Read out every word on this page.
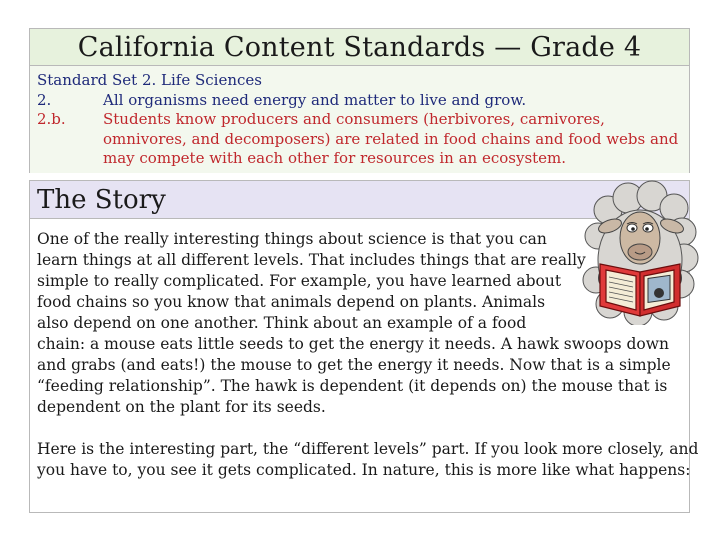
California Content Standards — Grade 4
Standard Set 2. Life Sciences
2.	All organisms need energy and matter to live and grow.
2.b.	Students know producers and consumers (herbivores, carnivores, omnivores, and decomposers) are related in food chains and food webs and may compete with each other for resources in an ecosystem.
The Story

One of the really interesting things about science is that you can
learn things at all different levels. That includes things that are really
simple to really complicated. For example, you have learned about
food chains so you know that animals depend on plants. Animals
also depend on one another. Think about an example of a food
chain: a mouse eats little seeds to get the energy it needs. A hawk swoops down
and grabs (and eats!) the mouse to get the energy it needs. Now that is a simple
“feeding relationship”. The hawk is dependent (it depends on) the mouse that is
dependent on the plant for its seeds.

Here is the interesting part, the “different levels” part. If you look more closely, and
you have to, you see it gets complicated. In nature, this is more like what happens:
